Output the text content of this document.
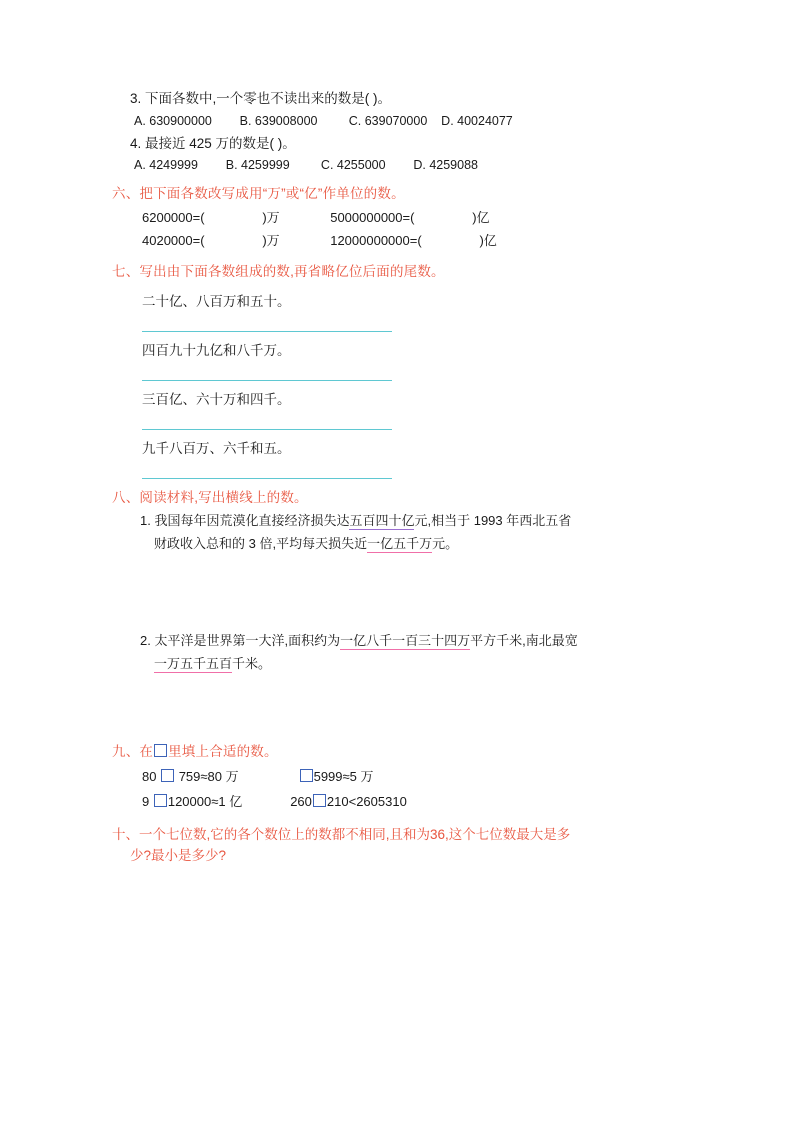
3. 下面各数中,一个零也不读出来的数是( )。
A. 630900000        B. 639008000         C. 639070000    D. 40024077
4. 最接近 425 万的数是( )。
A. 4249999        B. 4259999         C. 4255000        D. 4259088
六、把下面各数改写成用“万”或“亿”作单位的数。
6200000=(                )万              5000000000=(                )亿
4020000=(                )万              12000000000=(                )亿
七、写出由下面各数组成的数,再省略亿位后面的尾数。
二十亿、八百万和五十。
四百九十九亿和八千万。
三百亿、六十万和四千。
九千八百万、六千和五。
八、阅读材料,写出横线上的数。
1. 我国每年因荒漠化直接经济损失达五百四十亿元,相当于 1993 年西北五省
财政收入总和的 3 倍,平均每天损失近一亿五千万元。
2. 太平洋是世界第一大洋,面积约为一亿八千一百三十四万平方千米,南北最宽
一万五千五百千米。
九、在 里填上合适的数。
80  759≈80 万	5999≈5 万
9 120000≈1 亿	260 210<2605310
十、一个七位数,它的各个数位上的数都不相同,且和为36,这个七位数最大是多
少?最小是多少?
